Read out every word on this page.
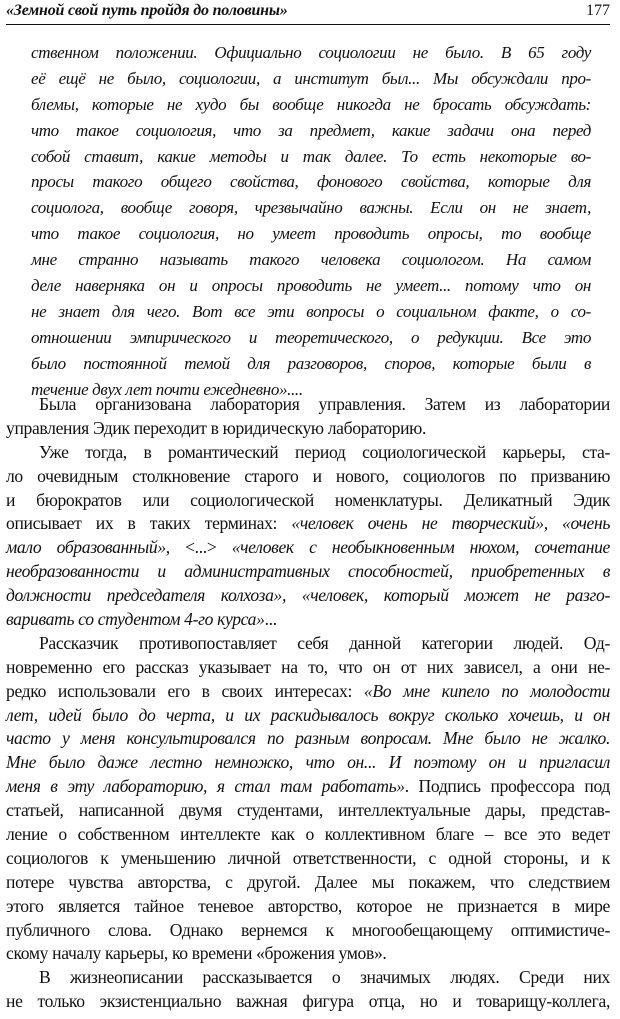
«Земной свой путь пройдя до половины»	177
ственном положении. Официально социологии не было. В 65 году
её ещё не было, социологии, а институт был... Мы обсуждали про-
блемы, которые не худо бы вообще никогда не бросать обсуждать:
что такое социология, что за предмет, какие задачи она перед
собой ставит, какие методы и так далее. То есть некоторые во-
просы такого общего свойства, фонового свойства, которые для
социолога, вообще говоря, чрезвычайно важны. Если он не знает,
что такое социология, но умеет проводить опросы, то вообще
мне странно называть такого человека социологом. На самом
деле наверняка он и опросы проводить не умеет... потому что он
не знает для чего. Вот все эти вопросы о социальном факте, о со-
отношении эмпирического и теоретического, о редукции. Все это
было постоянной темой для разговоров, споров, которые были в
течение двух лет почти ежедневно»....
Была организована лаборатория управления. Затем из лаборатории
управления Эдик переходит в юридическую лабораторию.
Уже тогда, в романтический период социологической карьеры, ста-
ло очевидным столкновение старого и нового, социологов по призванию
и бюрократов или социологической номенклатуры. Деликатный Эдик
описывает их в таких терминах: «человек очень не творческий», «очень
мало образованный», <...> «человек с необыкновенным нюхом, сочетание
необразованности и административных способностей, приобретенных в
должности председателя колхоза», «человек, который может не разго-
варивать со студентом 4-го курса»...
Рассказчик противопоставляет себя данной категории людей. Од-
новременно его рассказ указывает на то, что он от них зависел, а они не-
редко использовали его в своих интересах: «Во мне кипело по молодости
лет, идей было до черта, и их раскидывалось вокруг сколько хочешь, и он
часто у меня консультировался по разным вопросам. Мне было не жалко.
Мне было даже лестно немножко, что он... И поэтому он и пригласил
меня в эту лабораторию, я стал там работать». Подпись профессора под
статьей, написанной двумя студентами, интеллектуальные дары, представ-
ление о собственном интеллекте как о коллективном благе – все это ведет
социологов к уменьшению личной ответственности, с одной стороны, и к
потере чувства авторства, с другой. Далее мы покажем, что следствием
этого является тайное теневое авторство, которое не признается в мире
публичного слова. Однако вернемся к многообещающему оптимистиче-
скому началу карьеры, ко времени «брожения умов».
В жизнеописании рассказывается о значимых людях. Среди них
не только экзистенциально важная фигура отца, но и товарищу-коллега,
